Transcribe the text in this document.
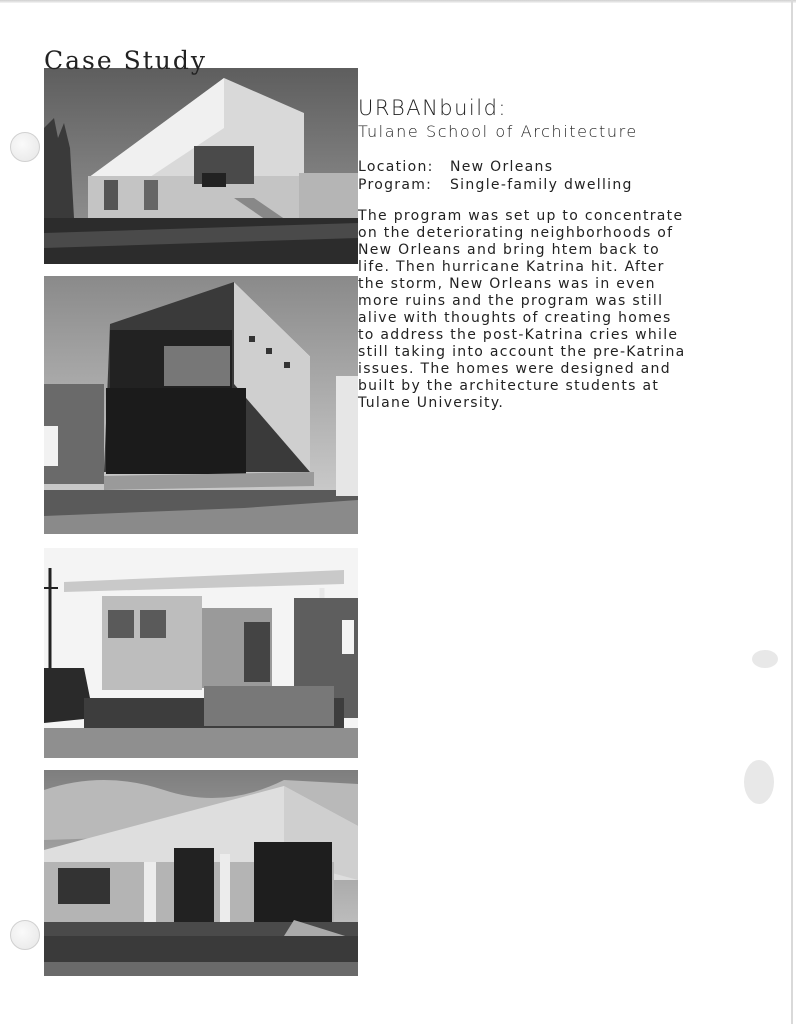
Case Study
URBANbuild:
Tulane School of Architecture
Location: New Orleans
Program: Single-family dwelling
The program was set up to concentrate
on the deteriorating neighborhoods of
New Orleans and bring htem back to
life. Then hurricane Katrina hit. After
the storm, New Orleans was in even
more ruins and the program was still
alive with thoughts of creating homes
to address the post-Katrina cries while
still taking into account the pre-Katrina
issues. The homes were designed and
built by the architecture students at
Tulane University.
